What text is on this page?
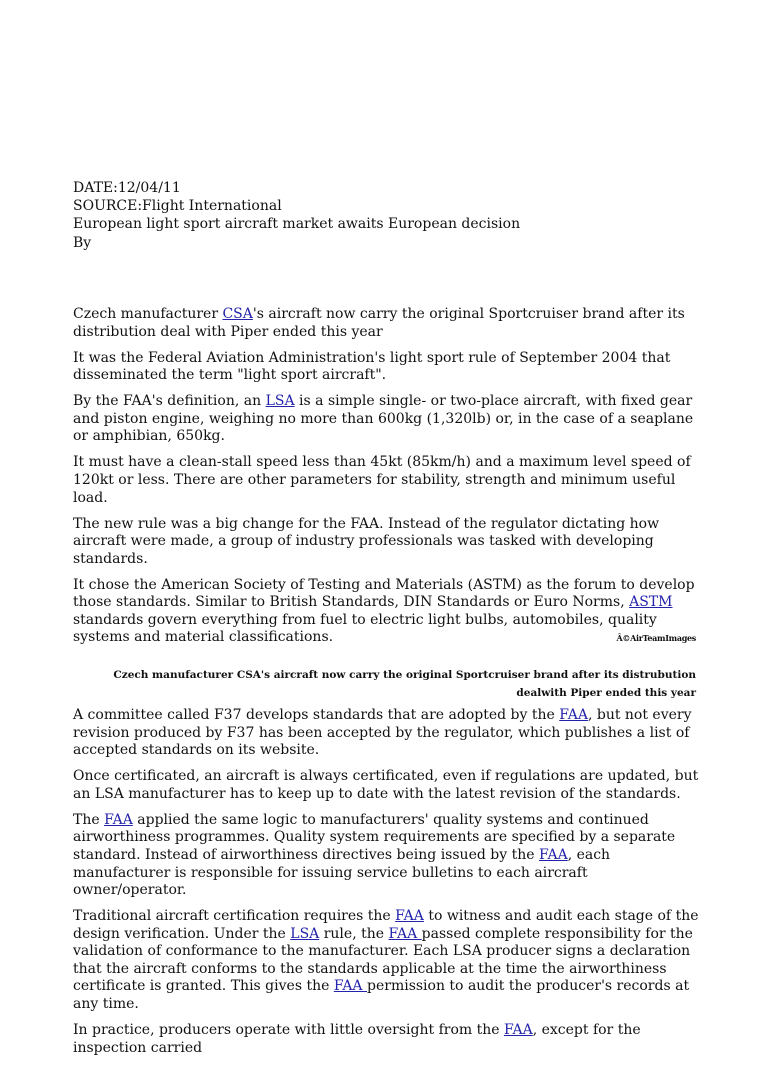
DATE:12/04/11
SOURCE:Flight International
European light sport aircraft market awaits European decision
By

Czech manufacturer CSA's aircraft now carry the original Sportcruiser brand after its distribution deal with Piper ended this year

It was the Federal Aviation Administration's light sport rule of September 2004 that disseminated the term "light sport aircraft".

By the FAA's definition, an LSA is a simple single- or two-place aircraft, with fixed gear and piston engine, weighing no more than 600kg (1,320lb) or, in the case of a seaplane or amphibian, 650kg.

It must have a clean-stall speed less than 45kt (85km/h) and a maximum level speed of 120kt or less. There are other parameters for stability, strength and minimum useful load.

The new rule was a big change for the FAA. Instead of the regulator dictating how aircraft were made, a group of industry professionals was tasked with developing standards.

It chose the American Society of Testing and Materials (ASTM) as the forum to develop those standards. Similar to British Standards, DIN Standards or Euro Norms, ASTM standards govern everything from fuel to electric light bulbs, automobiles, quality systems and material classifications.	Â©AirTeamImages
Czech manufacturer CSA's aircraft now carry the original Sportcruiser brand after its distrubution dealwith Piper ended this year

A committee called F37 develops standards that are adopted by the FAA, but not every revision produced by F37 has been accepted by the regulator, which publishes a list of accepted standards on its website.

Once certificated, an aircraft is always certificated, even if regulations are updated, but an LSA manufacturer has to keep up to date with the latest revision of the standards.

The FAA applied the same logic to manufacturers' quality systems and continued airworthiness programmes. Quality system requirements are specified by a separate standard. Instead of airworthiness directives being issued by the FAA, each manufacturer is responsible for issuing service bulletins to each aircraft owner/operator.

Traditional aircraft certification requires the FAA to witness and audit each stage of the design verification. Under the LSA rule, the FAA passed complete responsibility for the validation of conformance to the manufacturer. Each LSA producer signs a declaration that the aircraft conforms to the standards applicable at the time the airworthiness certificate is granted. This gives the FAA permission to audit the producer's records at any time.

In practice, producers operate with little oversight from the FAA, except for the inspection carried
